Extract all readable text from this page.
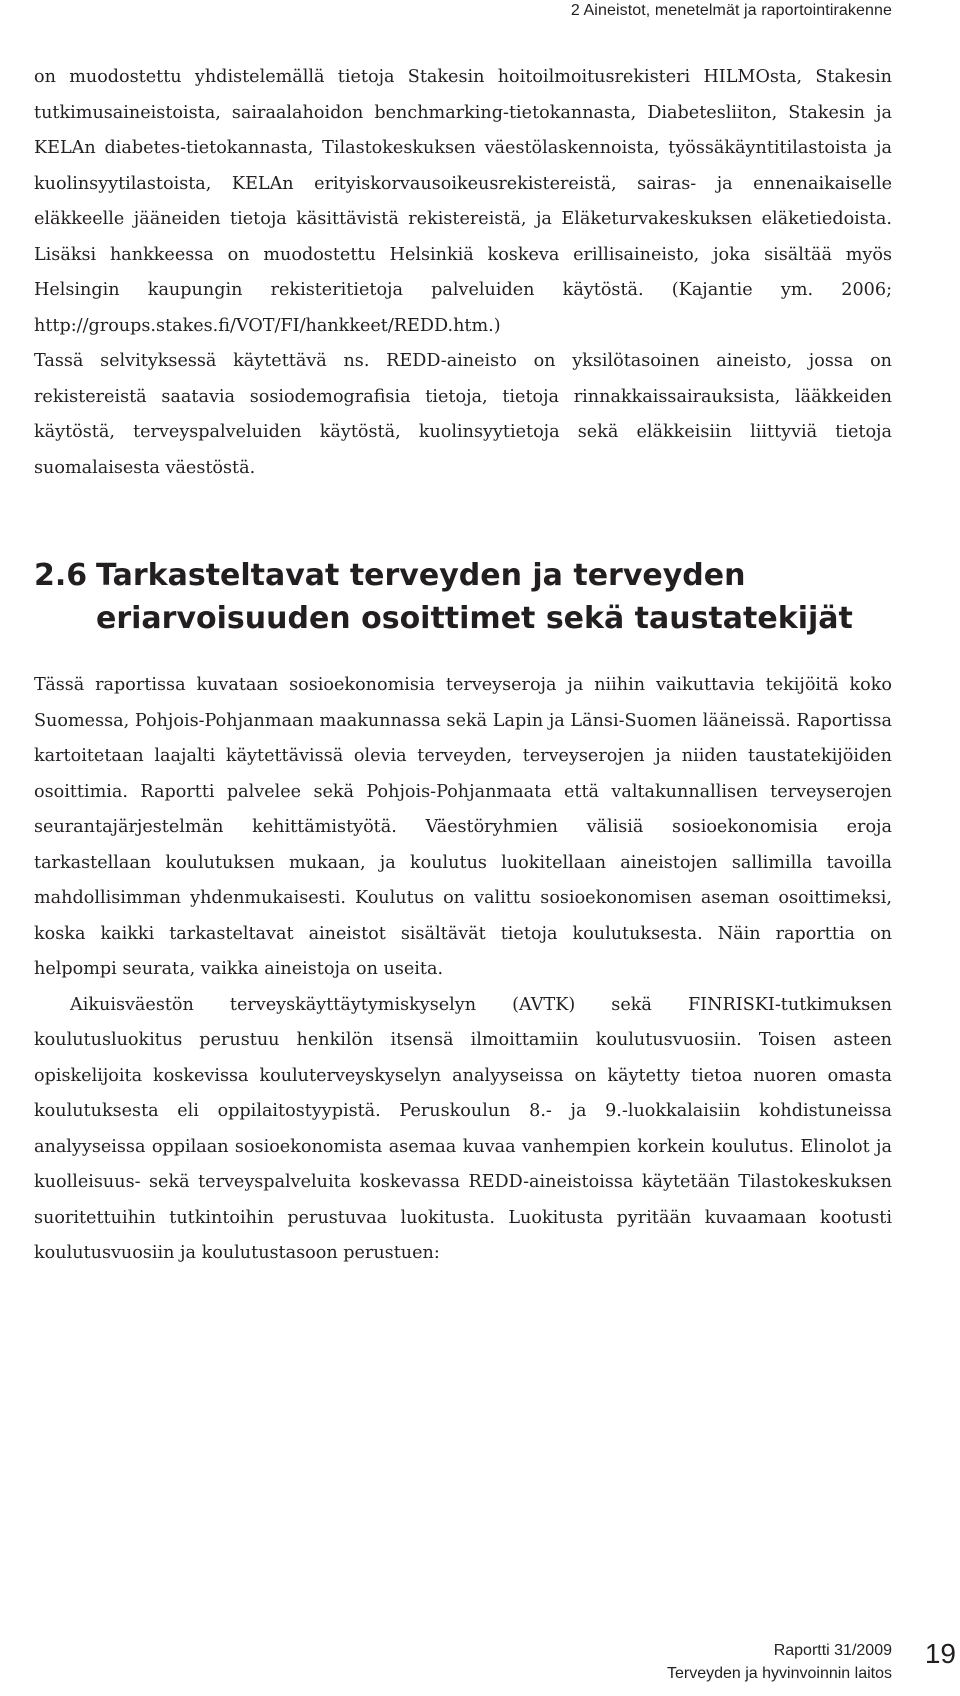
2 Aineistot, menetelmät ja raportointirakenne

on muodostettu yhdistelemällä tietoja Stakesin hoitoilmoitusrekisteri HILMOsta, Stakesin tutkimusaineistoista, sairaalahoidon benchmarking-tietokannasta, Diabetesliiton, Stakesin ja KELAn diabetes-tietokannasta, Tilastokeskuksen väestölaskennoista, työssäkäyntitilastoista ja kuolinsyytilastoista, KELAn erityiskorvausoikeusrekistereistä, sairas- ja ennenaikaiselle eläkkeelle jääneiden tietoja käsittävistä rekistereistä, ja Eläketurvakeskuksen eläketiedoista. Lisäksi hankkeessa on muodostettu Helsinkiä koskeva erillisaineisto, joka sisältää myös Helsingin kaupungin rekisteritietoja palveluiden käytöstä. (Kajantie ym. 2006; http://groups.stakes.fi/VOT/FI/hankkeet/REDD.htm.)

Tassä selvityksessä käytettävä ns. REDD-aineisto on yksilötasoinen aineisto, jossa on rekistereistä saatavia sosiodemografisia tietoja, tietoja rinnakkaissairauksista, lääkkeiden käytöstä, terveyspalveluiden käytöstä, kuolinsyytietoja sekä eläkkeisiin liittyviä tietoja suomalaisesta väestöstä.

2.6 Tarkasteltavat terveyden ja terveyden eriarvoisuuden osoittimet sekä taustatekijät

Tässä raportissa kuvataan sosioekonomisia terveyseroja ja niihin vaikuttavia tekijöitä koko Suomessa, Pohjois-Pohjanmaan maakunnassa sekä Lapin ja Länsi-Suomen lääneissä. Raportissa kartoitetaan laajalti käytettävissä olevia terveyden, terveyserojen ja niiden taustatekijöiden osoittimia. Raportti palvelee sekä Pohjois-Pohjanmaata että valtakunnallisen terveyserojen seurantajärjestelmän kehittämistyötä. Väestöryhmien välisiä sosioekonomisia eroja tarkastellaan koulutuksen mukaan, ja koulutus luokitellaan aineistojen sallimilla tavoilla mahdollisimman yhdenmukaisesti. Koulutus on valittu sosioekonomisen aseman osoittimeksi, koska kaikki tarkasteltavat aineistot sisältävät tietoja koulutuksesta. Näin raporttia on helpompi seurata, vaikka aineistoja on useita.

Aikuisväestön terveyskäyttäytymiskyselyn (AVTK) sekä FINRISKI-tutkimuksen koulutusluokitus perustuu henkilön itsensä ilmoittamiin koulutusvuosiin. Toisen asteen opiskelijoita koskevissa kouluterveyskyselyn analyyseissa on käytetty tietoa nuoren omasta koulutuksesta eli oppilaitostyypistä. Peruskoulun 8.- ja 9.-luokkalaisiin kohdistuneissa analyyseissa oppilaan sosioekonomista asemaa kuvaa vanhempien korkein koulutus. Elinolot ja kuolleisuus- sekä terveyspalveluita koskevassa REDD-aineistoissa käytetään Tilastokeskuksen suoritettuihin tutkintoihin perustuvaa luokitusta. Luokitusta pyritään kuvaamaan kootusti koulutusvuosiin ja koulutustasoon perustuen:

Raportti 31/2009
Terveyden ja hyvinvoinnin laitos
19
